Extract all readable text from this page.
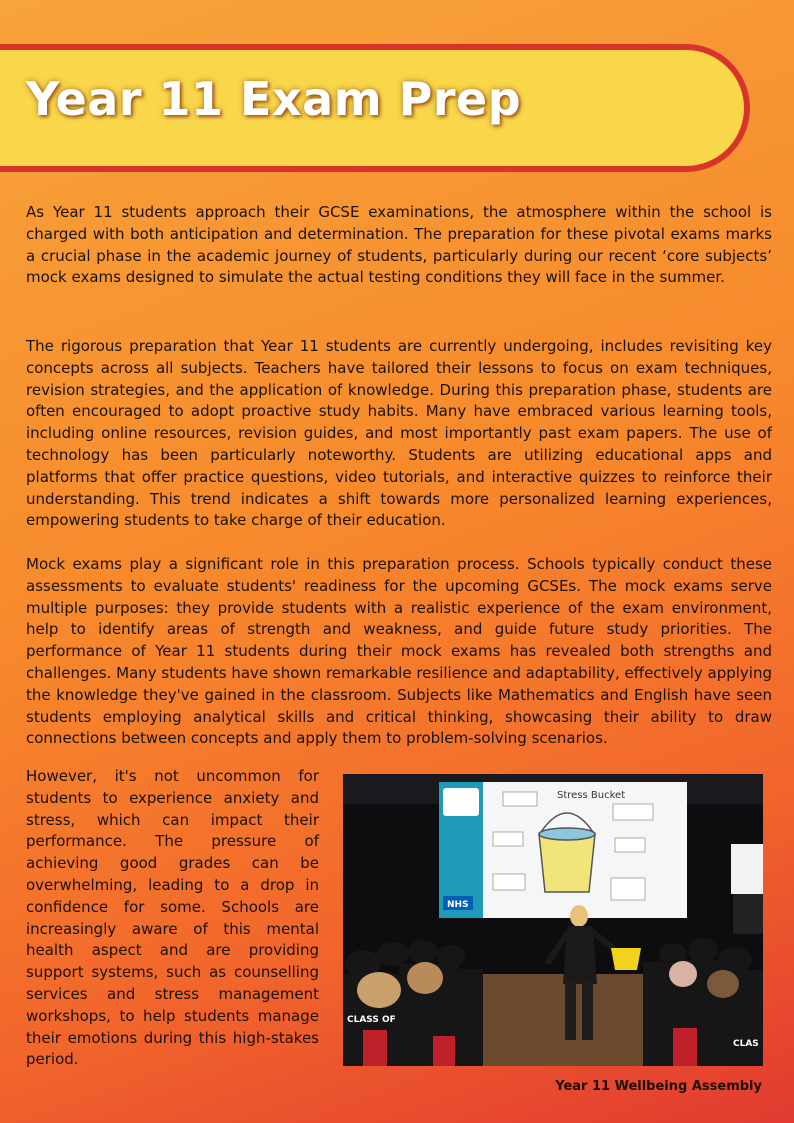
Year 11 Exam Prep

As Year 11 students approach their GCSE examinations, the atmosphere within the school is charged with both anticipation and determination. The preparation for these pivotal exams marks a crucial phase in the academic journey of students, particularly during our recent ‘core subjects’ mock exams designed to simulate the actual testing conditions they will face in the summer.

The rigorous preparation that Year 11 students are currently undergoing, includes revisiting key concepts across all subjects. Teachers have tailored their lessons to focus on exam techniques, revision strategies, and the application of knowledge. During this preparation phase, students are often encouraged to adopt proactive study habits. Many have embraced various learning tools, including online resources, revision guides, and most importantly past exam papers. The use of technology has been particularly noteworthy. Students are utilizing educational apps and platforms that offer practice questions, video tutorials, and interactive quizzes to reinforce their understanding. This trend indicates a shift towards more personalized learning experiences, empowering students to take charge of their education.

Mock exams play a significant role in this preparation process. Schools typically conduct these assessments to evaluate students' readiness for the upcoming GCSEs. The mock exams serve multiple purposes: they provide students with a realistic experience of the exam environment, help to identify areas of strength and weakness, and guide future study priorities. The performance of Year 11 students during their mock exams has revealed both strengths and challenges. Many students have shown remarkable resilience and adaptability, effectively applying the knowledge they've gained in the classroom. Subjects like Mathematics and English have seen students employing analytical skills and critical thinking, showcasing their ability to draw connections between concepts and apply them to problem-solving scenarios.

However, it's not uncommon for students to experience anxiety and stress, which can impact their performance. The pressure of achieving good grades can be overwhelming, leading to a drop in confidence for some. Schools are increasingly aware of this mental health aspect and are providing support systems, such as counselling services and stress management workshops, to help students manage their emotions during this high-stakes period.

NHS
Stress Bucket
CLASS OF
CLAS

Year 11 Wellbeing Assembly
